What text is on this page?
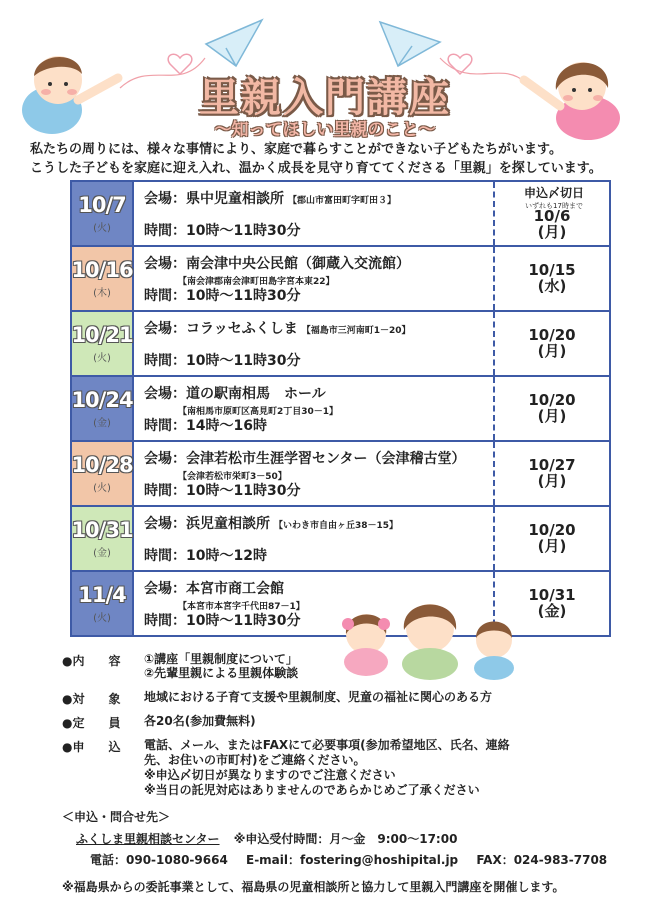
里親入門講座
～知ってほしい里親のこと～
私たちの周りには、様々な事情により、家庭で暮らすことができない子どもたちがいます。
こうした子どもを家庭に迎え入れ、温かく成長を見守り育ててくださる「里親」を探しています。
10/7
(火)
会場：県中児童相談所 【郡山市富田町字町田３】
時間：10時～11時30分
10/6
(月)
10/16
(木)
会場：南会津中央公民館（御蔵入交流館）
【南会津郡南会津町田島字宮本東22】
時間：10時～11時30分
10/15
(水)
10/21
(火)
会場：コラッセふくしま 【福島市三河南町1－20】
時間：10時～11時30分
10/20
(月)
10/24
(金)
会場：道の駅南相馬　ホール
【南相馬市原町区高見町2丁目30－1】
時間：14時～16時
10/20
(月)
10/28
(火)
会場：会津若松市生涯学習センター（会津稽古堂）
【会津若松市栄町3－50】
時間：10時～11時30分
10/27
(月)
10/31
(金)
会場：浜児童相談所 【いわき市自由ヶ丘38－15】
時間：10時～12時
10/20
(月)
11/4
(火)
会場：本宮市商工会館
【本宮市本宮字千代田87－1】
時間：10時～11時30分
10/31
(金)
申込〆切日
いずれも17時まで
●内　　容 ①講座「里親制度について」
②先輩里親による里親体験談
●対　　象 地域における子育て支援や里親制度、児童の福祉に関心のある方
●定　　員 各20名(参加費無料)
●申　　込 電話、メール、またはFAXにて必要事項(参加希望地区、氏名、連絡
先、お住いの市町村)をご連絡ください。
※申込〆切日が異なりますのでご注意ください
※当日の託児対応はありませんのであらかじめご了承ください
＜申込・問合せ先＞
ふくしま里親相談センター ※申込受付時間：月～金　9:00～17:00
電話：090-1080-9664 E-mail：fostering@hoshipital.jp FAX：024-983-7708
※福島県からの委託事業として、福島県の児童相談所と協力して里親入門講座を開催します。
